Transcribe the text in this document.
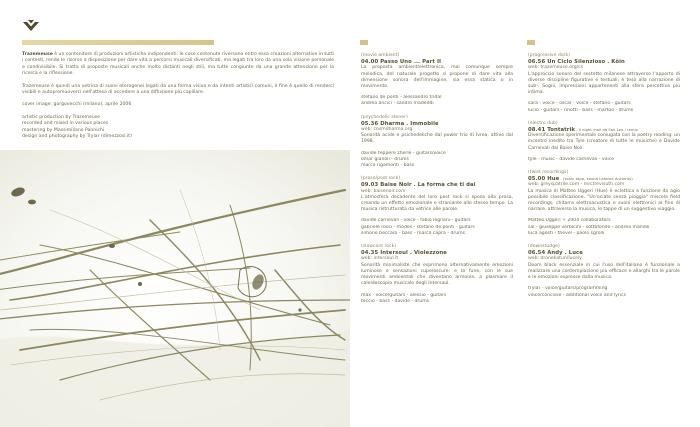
Trazemeuse è un contenitore di produzioni artistiche indipendenti: le cose contenute riversano entro essa creazioni alternative in tutti i contesti, rende le risorse a disposizione per dare vita a percorsi musicali diversificati, ma legati tra loro da una sola visione personale e condivisibile. Si tratta di proposte musicali anche molto distanti negli stili, ma tutte congiunte da una grande attenzione per la ricerca e la riflessione.

Trazemeuse è quindi una vetrina di suoni eterogenei legati da una forma visiva e da intenti artistici comuni, il fine è quello di renderci visibili e autopromuoverci nell'attesa di accedere a una diffusione più capillare.

cover image: gorgovecchi (milano), aprile 2006

artistic production by Trazemeuse
recorded and mixed in various places
mastering by Massimiliano Pannichi
design and photography by Trylar (dimezzosi.it)
(movie ambient)
04.00 Passo Uno ... Part II
La proposta ambient/elettronica, mai comunque sempre melodica, del naturale progetto si propone di dare vita alla dimensione sonora dell'immagine, sia essa statica o in movimento.
stefano de ponti - alessandro tridal
andrea ancici - sandro madeddi
(psychedelic stoner)
05.36 Dharma . Immobile
web: cosmdharma.org
Sonorità acide e psichedeliche dal power trio di Ivrea, attivo dal 1998.
davide teppere zherle - guitars/voice
omar gianoli - drums
marco rigamonti - bass
(prose/post rock)
09.03 Baise Noir . La forma che ti dai
web: baisenoir.com
L'atmosfera decadente del loro post rock si sposa alla prosa, creando un effetto emozionale e straniante allo stesso tempo. La musica ristrutturata da vetrice alle parole.
davide carnevali - voice - fabio legnani - guitars
gabriele rossi - rhodes - stefano de ponti - guitars
simone beccaro - bass - marco capra - drums
(slowcore rock)
04.35 Intersoul . Violezzone
web: intersoul.it
Sonorità minimaliste che esprimono alternativamente emozioni luminose e sensazioni cupe/oscure: e la fune, con le sue movimenti ambientali che diventano armonie, a plasmare il caleidoscopio musicale degli Intersoul.
max - voice/guitars - alessio - guitars
teccio - bass - davide - drums
(progressive dark)
06.56 Un Ciclo Silenzioso . Kôin
web: trazemeuse.org/cs
L'approccio sonoro del sestetto milanese attraverso l'apporto di diverse discipline figurative e testuali, è teso alla narrazione di sub-. Sogni, impressioni appartenenti alla sfera percettiva più intima.
sara - voice - oscar - voice - stefano - guitars
lucio - guitars - rinotti - bass - martoo - drums
(electro dub)
08.41 Tontatrik . il night mail da San Leo / remix
Diversificazione sperimentale coniugata con la poetry reading: un incontro inedito tra Tyle (creatore di tutte le musiche) e Davide Carnevali dai Baise Noir.
tyle - music - davide carnevali - voice
(twist recordings)
05.00 Hue . (sonic tapp, sound Laterne Ancients)
web: greyspatrile.com - mrctrevisuth.com
La musica di Matteo Uggeri (Hue) è eclettica a funzione da agio possibile classificazione. "Un'ociate senza pioggia" miscela field recordings, chitarra elettroacustica e suoni elettronici al fine di narrare, attraverso la musica, le tappe di un suggestivo viaggio.
Matteo Uggeri + 2004 collaborators
sal - giuseppe verbicini - sottofondo - andrea mandili
luca agosti - thevel - paolo sgrolli
(downstudge)
06.54 Andy . Luce
web: dronekatun/lucely
Doom black essenziale in cui l'uso dell'italiano è funzionale a realizzare una contemplazione più efficace e allarghi tra le parole e le emozioni espresse dalla musica.
trylar - voice/guitars/programming
voice/concisse - additional voice and lyrics
